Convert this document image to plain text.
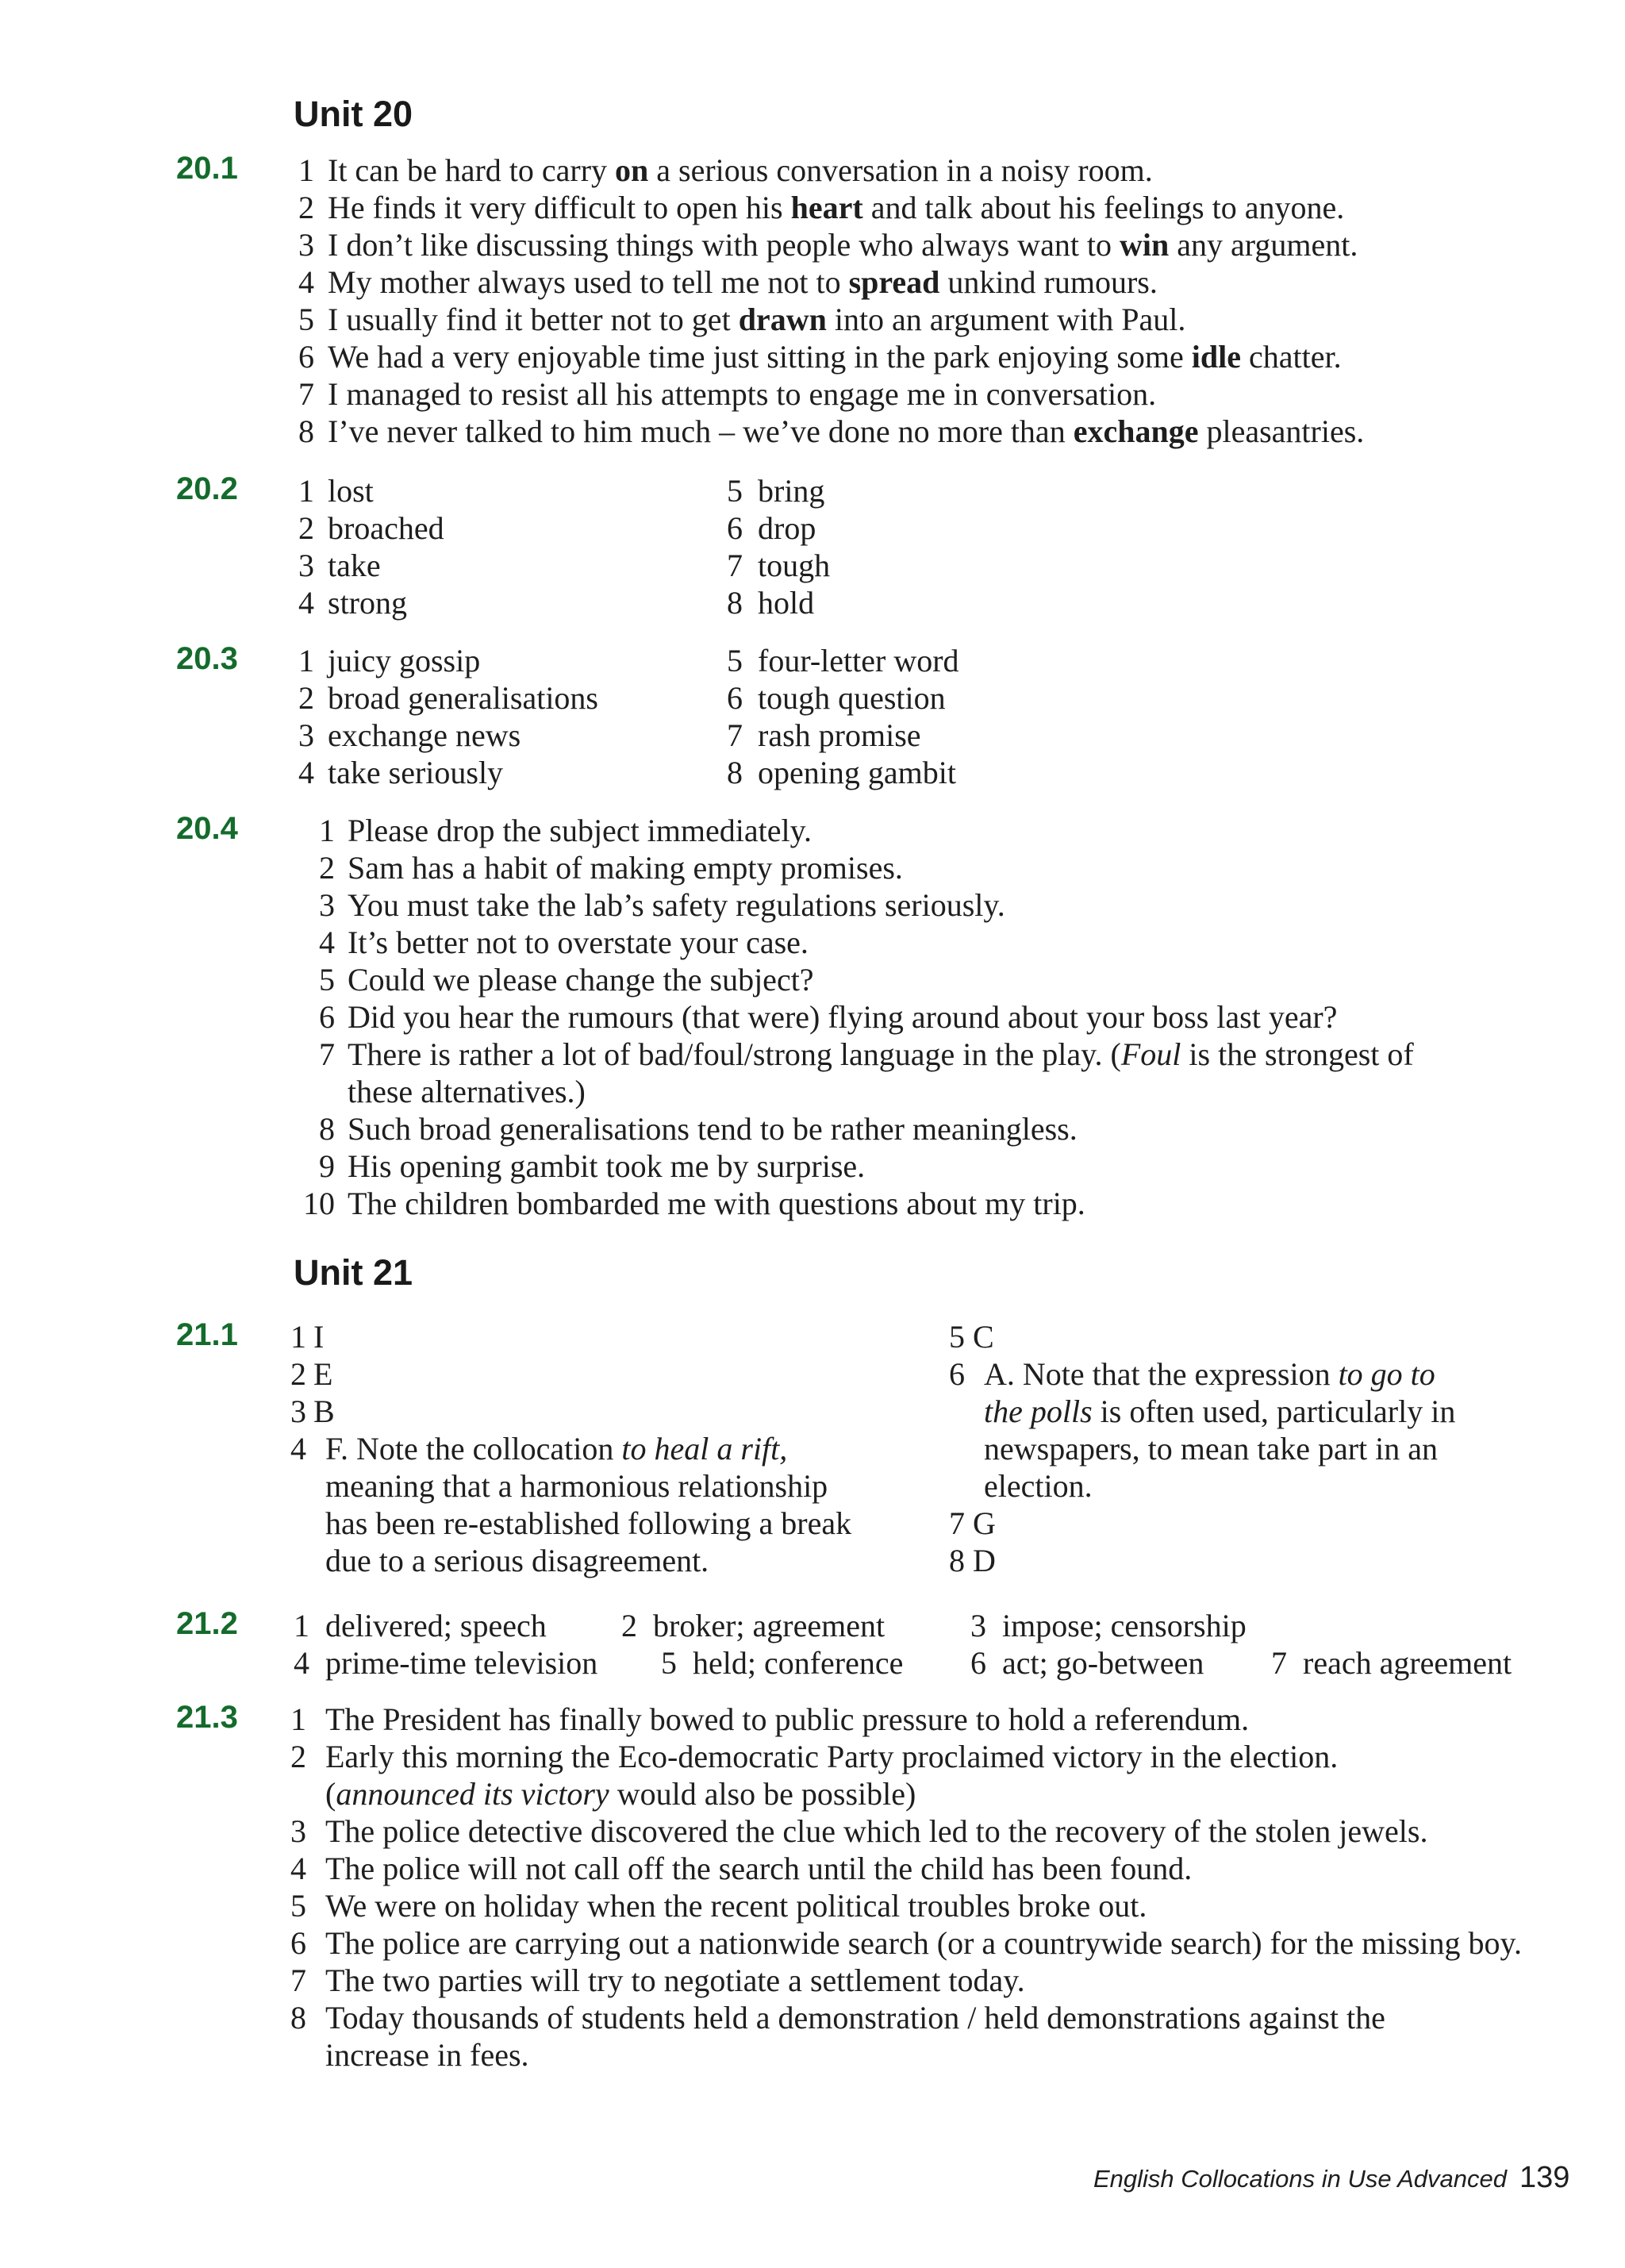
Unit 20
20.1 1 It can be hard to carry on a serious conversation in a noisy room.
2 He finds it very difficult to open his heart and talk about his feelings to anyone.
3 I don’t like discussing things with people who always want to win any argument.
4 My mother always used to tell me not to spread unkind rumours.
5 I usually find it better not to get drawn into an argument with Paul.
6 We had a very enjoyable time just sitting in the park enjoying some idle chatter.
7 I managed to resist all his attempts to engage me in conversation.
8 I’ve never talked to him much – we’ve done no more than exchange pleasantries.
20.2 1 lost
2 broached
3 take
4 strong
5 bring
6 drop
7 tough
8 hold
20.3 1 juicy gossip
2 broad generalisations
3 exchange news
4 take seriously
5 four-letter word
6 tough question
7 rash promise
8 opening gambit
20.4	1 Please drop the subject immediately.
2 Sam has a habit of making empty promises.
3 You must take the lab’s safety regulations seriously.
4 It’s better not to overstate your case.
5 Could we please change the subject?
6 Did you hear the rumours (that were) flying around about your boss last year?
7 There is rather a lot of bad/foul/strong language in the play. (Foul is the strongest of
these alternatives.)
8 Such broad generalisations tend to be rather meaningless.
9 His opening gambit took me by surprise.
10 The children bombarded me with questions about my trip.
Unit 21
21.1 1 I
2 E
3 B
4 F. Note the collocation to heal a rift,
meaning that a harmonious relationship
has been re-established following a break
due to a serious disagreement.
5 C
6 A. Note that the expression to go to
the polls is often used, particularly in
newspapers, to mean take part in an
election.
7 G
8 D
21.2 1 delivered; speech 2 broker; agreement	3 impose; censorship
4 prime-time television 5 held; conference 6 act; go-between 7 reach agreement
21.3 1 The President has finally bowed to public pressure to hold a referendum.
2 Early this morning the Eco-democratic Party proclaimed victory in the election.
(announced its victory would also be possible)
3 The police detective discovered the clue which led to the recovery of the stolen jewels.
4 The police will not call off the search until the child has been found.
5 We were on holiday when the recent political troubles broke out.
6 The police are carrying out a nationwide search (or a countrywide search) for the missing boy.
7 The two parties will try to negotiate a settlement today.
8 Today thousands of students held a demonstration / held demonstrations against the
increase in fees.
English Collocations in Use Advanced 139
